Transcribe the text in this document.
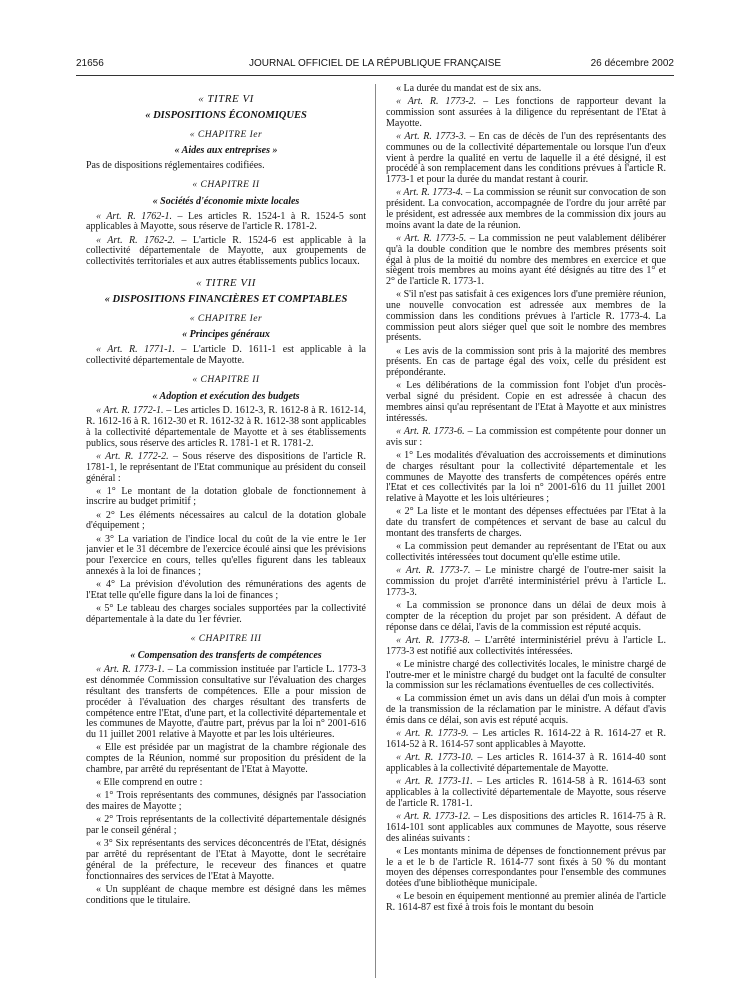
21656	JOURNAL OFFICIEL DE LA RÉPUBLIQUE FRANÇAISE	26 décembre 2002

« TITRE VI

« DISPOSITIONS ÉCONOMIQUES

« CHAPITRE Ier

« Aides aux entreprises »

Pas de dispositions réglementaires codifiées.

« CHAPITRE II

« Sociétés d'économie mixte locales

« Art. R. 1762-1. – Les articles R. 1524-1 à R. 1524-5 sont applicables à Mayotte, sous réserve de l'article R. 1781-2.

« Art. R. 1762-2. – L'article R. 1524-6 est applicable à la collectivité départementale de Mayotte, aux groupements de collectivités territoriales et aux autres établissements publics locaux.

« TITRE VII

« DISPOSITIONS FINANCIÈRES ET COMPTABLES

« CHAPITRE Ier

« Principes généraux

« Art. R. 1771-1. – L'article D. 1611-1 est applicable à la collectivité départementale de Mayotte.

« CHAPITRE II

« Adoption et exécution des budgets

« Art. R. 1772-1. – Les articles D. 1612-3, R. 1612-8 à R. 1612-14, R. 1612-16 à R. 1612-30 et R. 1612-32 à R. 1612-38 sont applicables à la collectivité départementale de Mayotte et à ses établissements publics, sous réserve des articles R. 1781-1 et R. 1781-2.

« Art. R. 1772-2. – Sous réserve des dispositions de l'article R. 1781-1, le représentant de l'Etat communique au président du conseil général :

« 1° Le montant de la dotation globale de fonctionnement à inscrire au budget primitif ;

« 2° Les éléments nécessaires au calcul de la dotation globale d'équipement ;

« 3° La variation de l'indice local du coût de la vie entre le 1er janvier et le 31 décembre de l'exercice écoulé ainsi que les prévisions pour l'exercice en cours, telles qu'elles figurent dans les tableaux annexés à la loi de finances ;

« 4° La prévision d'évolution des rémunérations des agents de l'Etat telle qu'elle figure dans la loi de finances ;

« 5° Le tableau des charges sociales supportées par la collectivité départementale à la date du 1er février.

« CHAPITRE III

« Compensation des transferts de compétences

« Art. R. 1773-1. – La commission instituée par l'article L. 1773-3 est dénommée Commission consultative sur l'évaluation des charges résultant des transferts de compétences. Elle a pour mission de procéder à l'évaluation des charges résultant des transferts de compétence entre l'Etat, d'une part, et la collectivité départementale et les communes de Mayotte, d'autre part, prévus par la loi n° 2001-616 du 11 juillet 2001 relative à Mayotte et par les lois ultérieures.

« Elle est présidée par un magistrat de la chambre régionale des comptes de la Réunion, nommé sur proposition du président de la chambre, par arrêté du représentant de l'Etat à Mayotte.

« Elle comprend en outre :

« 1° Trois représentants des communes, désignés par l'association des maires de Mayotte ;

« 2° Trois représentants de la collectivité départementale désignés par le conseil général ;

« 3° Six représentants des services déconcentrés de l'Etat, désignés par arrêté du représentant de l'Etat à Mayotte, dont le secrétaire général de la préfecture, le receveur des finances et quatre fonctionnaires des services de l'Etat à Mayotte.

« Un suppléant de chaque membre est désigné dans les mêmes conditions que le titulaire.

« La durée du mandat est de six ans.

« Art. R. 1773-2. – Les fonctions de rapporteur devant la commission sont assurées à la diligence du représentant de l'Etat à Mayotte.

« Art. R. 1773-3. – En cas de décès de l'un des représentants des communes ou de la collectivité départementale ou lorsque l'un d'eux vient à perdre la qualité en vertu de laquelle il a été désigné, il est procédé à son remplacement dans les conditions prévues à l'article R. 1773-1 et pour la durée du mandat restant à courir.

« Art. R. 1773-4. – La commission se réunit sur convocation de son président. La convocation, accompagnée de l'ordre du jour arrêté par le président, est adressée aux membres de la commission dix jours au moins avant la date de la réunion.

« Art. R. 1773-5. – La commission ne peut valablement délibérer qu'à la double condition que le nombre des membres présents soit égal à plus de la moitié du nombre des membres en exercice et que siègent trois membres au moins ayant été désignés au titre des 1° et 2° de l'article R. 1773-1.

« S'il n'est pas satisfait à ces exigences lors d'une première réunion, une nouvelle convocation est adressée aux membres de la commission dans les conditions prévues à l'article R. 1773-4. La commission peut alors siéger quel que soit le nombre des membres présents.

« Les avis de la commission sont pris à la majorité des membres présents. En cas de partage égal des voix, celle du président est prépondérante.

« Les délibérations de la commission font l'objet d'un procès-verbal signé du président. Copie en est adressée à chacun des membres ainsi qu'au représentant de l'Etat à Mayotte et aux ministres intéressés.

« Art. R. 1773-6. – La commission est compétente pour donner un avis sur :

« 1° Les modalités d'évaluation des accroissements et diminutions de charges résultant pour la collectivité départementale et les communes de Mayotte des transferts de compétences opérés entre l'Etat et ces collectivités par la loi n° 2001-616 du 11 juillet 2001 relative à Mayotte et les lois ultérieures ;

« 2° La liste et le montant des dépenses effectuées par l'Etat à la date du transfert de compétences et servant de base au calcul du montant des transferts de charges.

« La commission peut demander au représentant de l'Etat ou aux collectivités intéressées tout document qu'elle estime utile.

« Art. R. 1773-7. – Le ministre chargé de l'outre-mer saisit la commission du projet d'arrêté interministériel prévu à l'article L. 1773-3.

« La commission se prononce dans un délai de deux mois à compter de la réception du projet par son président. A défaut de réponse dans ce délai, l'avis de la commission est réputé acquis.

« Art. R. 1773-8. – L'arrêté interministériel prévu à l'article L. 1773-3 est notifié aux collectivités intéressées.

« Le ministre chargé des collectivités locales, le ministre chargé de l'outre-mer et le ministre chargé du budget ont la faculté de consulter la commission sur les réclamations éventuelles de ces collectivités.

« La commission émet un avis dans un délai d'un mois à compter de la transmission de la réclamation par le ministre. A défaut d'avis émis dans ce délai, son avis est réputé acquis.

« Art. R. 1773-9. – Les articles R. 1614-22 à R. 1614-27 et R. 1614-52 à R. 1614-57 sont applicables à Mayotte.

« Art. R. 1773-10. – Les articles R. 1614-37 à R. 1614-40 sont applicables à la collectivité départementale de Mayotte.

« Art. R. 1773-11. – Les articles R. 1614-58 à R. 1614-63 sont applicables à la collectivité départementale de Mayotte, sous réserve de l'article R. 1781-1.

« Art. R. 1773-12. – Les dispositions des articles R. 1614-75 à R. 1614-101 sont applicables aux communes de Mayotte, sous réserve des alinéas suivants :

« Les montants minima de dépenses de fonctionnement prévus par le a et le b de l'article R. 1614-77 sont fixés à 50 % du montant moyen des dépenses correspondantes pour l'ensemble des communes dotées d'une bibliothèque municipale.

« Le besoin en équipement mentionné au premier alinéa de l'article R. 1614-87 est fixé à trois fois le montant du besoin
